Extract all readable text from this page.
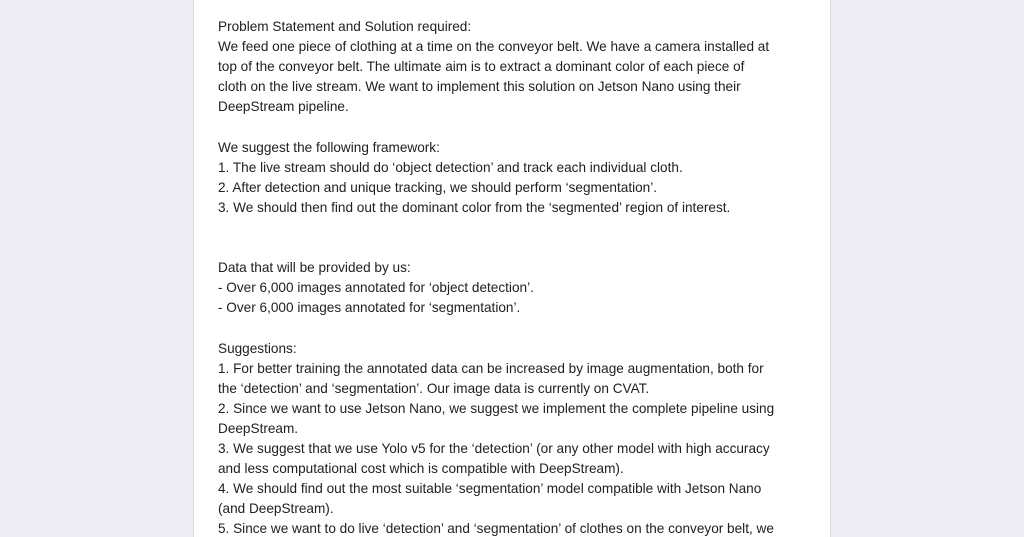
Problem Statement and Solution required:
We feed one piece of clothing at a time on the conveyor belt. We have a camera installed at
top of the conveyor belt. The ultimate aim is to extract a dominant color of each piece of
cloth on the live stream. We want to implement this solution on Jetson Nano using their
DeepStream pipeline.
We suggest the following framework:
1. The live stream should do ‘object detection’ and track each individual cloth.
2. After detection and unique tracking, we should perform ‘segmentation’.
3. We should then find out the dominant color from the ‘segmented’ region of interest.
Data that will be provided by us:
- Over 6,000 images annotated for ‘object detection’.
- Over 6,000 images annotated for ‘segmentation’.
Suggestions:
1. For better training the annotated data can be increased by image augmentation, both for
the ‘detection’ and ‘segmentation’. Our image data is currently on CVAT.
2. Since we want to use Jetson Nano, we suggest we implement the complete pipeline using
DeepStream.
3. We suggest that we use Yolo v5 for the ‘detection’ (or any other model with high accuracy
and less computational cost which is compatible with DeepStream).
4. We should find out the most suitable ‘segmentation’ model compatible with Jetson Nano
(and DeepStream).
5. Since we want to do live ‘detection’ and ‘segmentation’ of clothes on the conveyor belt, we
